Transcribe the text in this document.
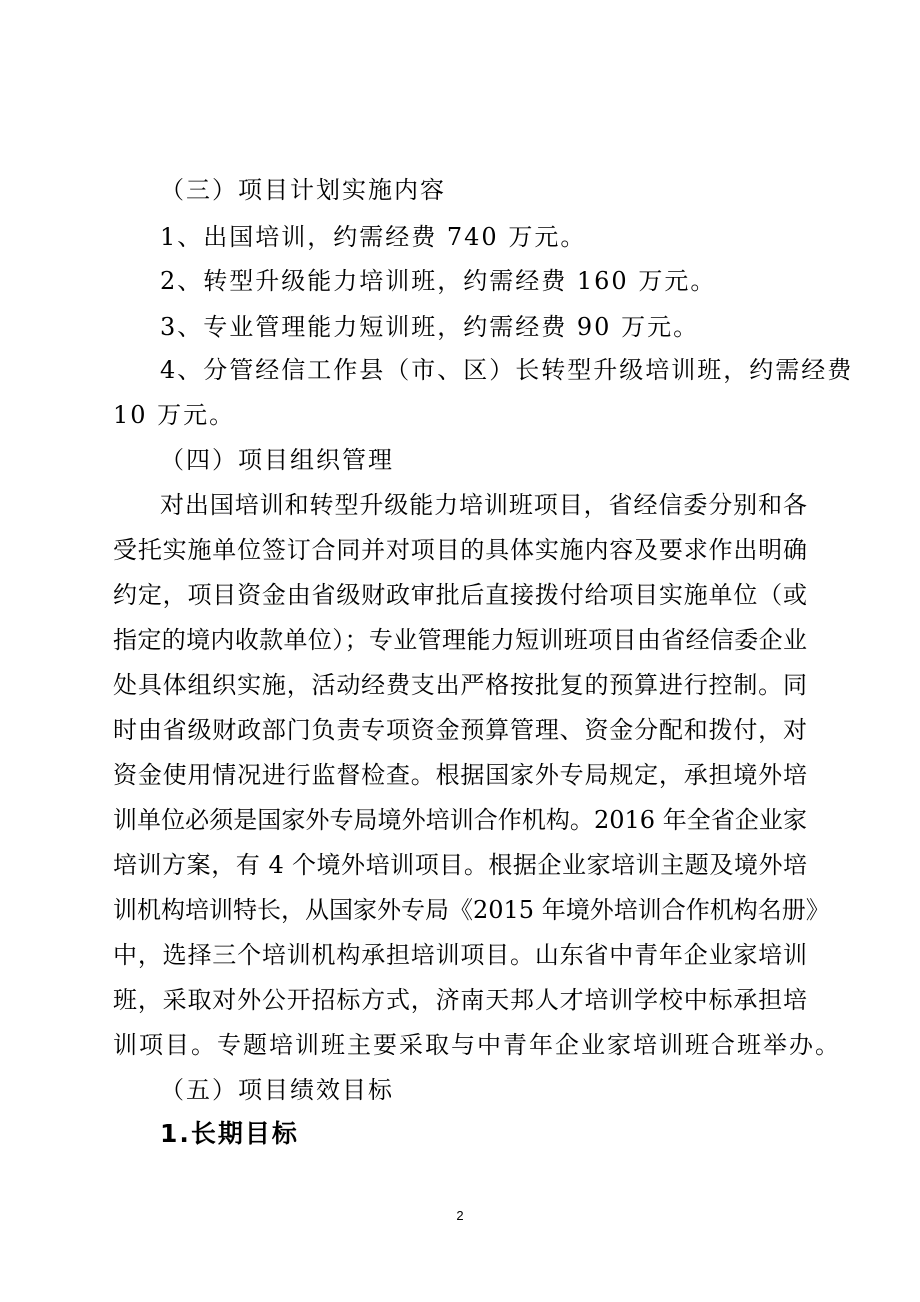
（三）项目计划实施内容
1、出国培训，约需经费 740 万元。
2、转型升级能力培训班，约需经费 160 万元。
3、专业管理能力短训班，约需经费 90 万元。
4、分管经信工作县（市、区）长转型升级培训班，约需经费
10 万元。
（四）项目组织管理
对出国培训和转型升级能力培训班项目，省经信委分别和各
受托实施单位签订合同并对项目的具体实施内容及要求作出明确
约定，项目资金由省级财政审批后直接拨付给项目实施单位（或
指定的境内收款单位）；专业管理能力短训班项目由省经信委企业
处具体组织实施，活动经费支出严格按批复的预算进行控制。同
时由省级财政部门负责专项资金预算管理、资金分配和拨付，对
资金使用情况进行监督检查。根据国家外专局规定，承担境外培
训单位必须是国家外专局境外培训合作机构。2016 年全省企业家
培训方案，有 4 个境外培训项目。根据企业家培训主题及境外培
训机构培训特长，从国家外专局《2015 年境外培训合作机构名册》
中，选择三个培训机构承担培训项目。山东省中青年企业家培训
班，采取对外公开招标方式，济南天邦人才培训学校中标承担培
训项目。专题培训班主要采取与中青年企业家培训班合班举办。
（五）项目绩效目标
1.长期目标
2
